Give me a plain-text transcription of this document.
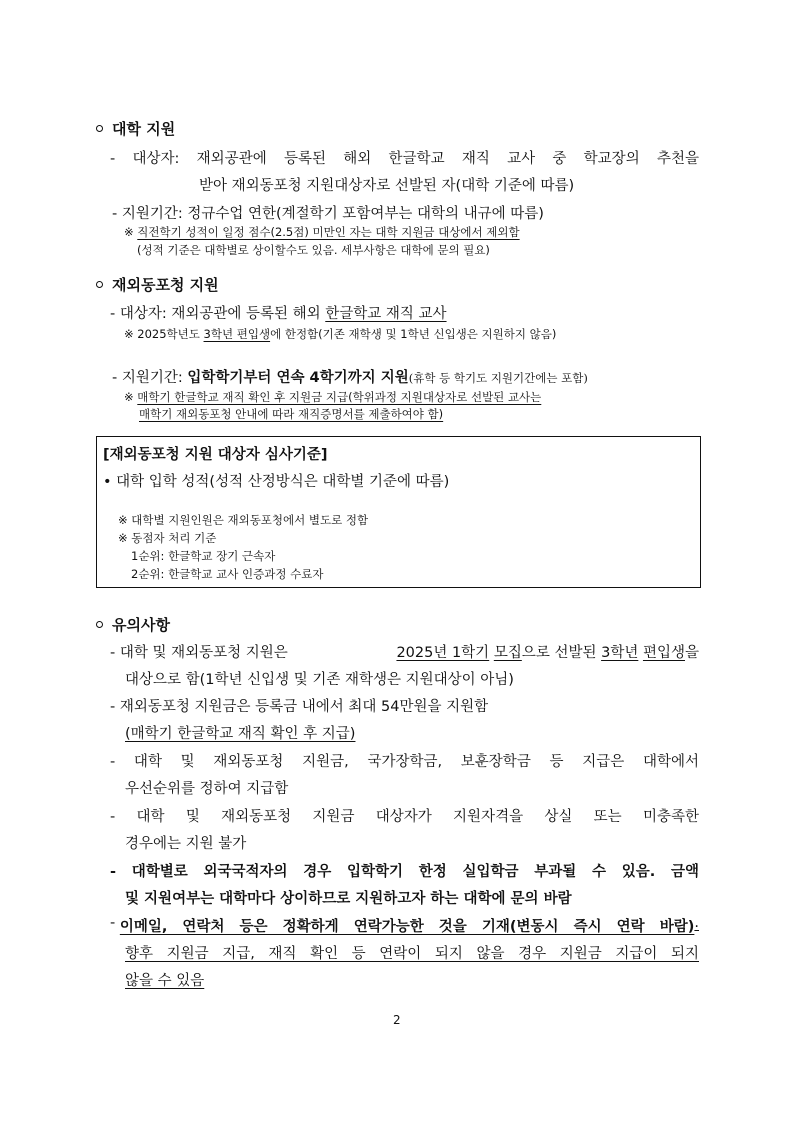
대학 지원
- 대상자: 재외공관에 등록된 해외 한글학교 재직 교사 중 학교장의 추천을
받아 재외동포청 지원대상자로 선발된 자(대학 기준에 따름)
- 지원기간: 정규수업 연한(계절학기 포함여부는 대학의 내규에 따름)
※ 직전학기 성적이 일정 점수(2.5점) 미만인 자는 대학 지원금 대상에서 제외함
(성적 기준은 대학별로 상이할수도 있음. 세부사항은 대학에 문의 필요)
재외동포청 지원
- 대상자: 재외공관에 등록된 해외 한글학교 재직 교사
※ 2025학년도 3학년 편입생에 한정함(기존 재학생 및 1학년 신입생은 지원하지 않음)
- 지원기간: 입학학기부터 연속 4학기까지 지원(휴학 등 학기도 지원기간에는 포함)
※ 매학기 한글학교 재직 확인 후 지원금 지급(학위과정 지원대상자로 선발된 교사는
매학기 재외동포청 안내에 따라 재직증명서를 제출하여야 함)
[재외동포청 지원 대상자 심사기준]
• 대학 입학 성적(성적 산정방식은 대학별 기준에 따름)
※ 대학별 지원인원은 재외동포청에서 별도로 정함
※ 동점자 처리 기준
1순위: 한글학교 장기 근속자
2순위: 한글학교 교사 인증과정 수료자
유의사항
- 대학 및 재외동포청 지원은	2025년 1학기 모집으로 선발된 3학년 편입생을
대상으로 함(1학년 신입생 및 기존 재학생은 지원대상이 아님)
- 재외동포청 지원금은 등록금 내에서 최대 54만원을 지원함
(매학기 한글학교 재직 확인 후 지급)
- 대학 및 재외동포청 지원금, 국가장학금, 보훈장학금 등 지급은 대학에서
우선순위를 정하여 지급함
- 대학 및 재외동포청 지원금 대상자가 지원자격을 상실 또는 미충족한
경우에는 지원 불가
- 대학별로 외국국적자의 경우 입학학기 한정 실입학금 부과될 수 있음. 금액
및 지원여부는 대학마다 상이하므로 지원하고자 하는 대학에 문의 바람
- 이메일, 연락처 등은 정확하게 연락가능한 것을 기재(변동시 즉시 연락 바람) .
향후 지원금 지급, 재직 확인 등 연락이 되지 않을 경우 지원금 지급이 되지
않을 수 있음
2
